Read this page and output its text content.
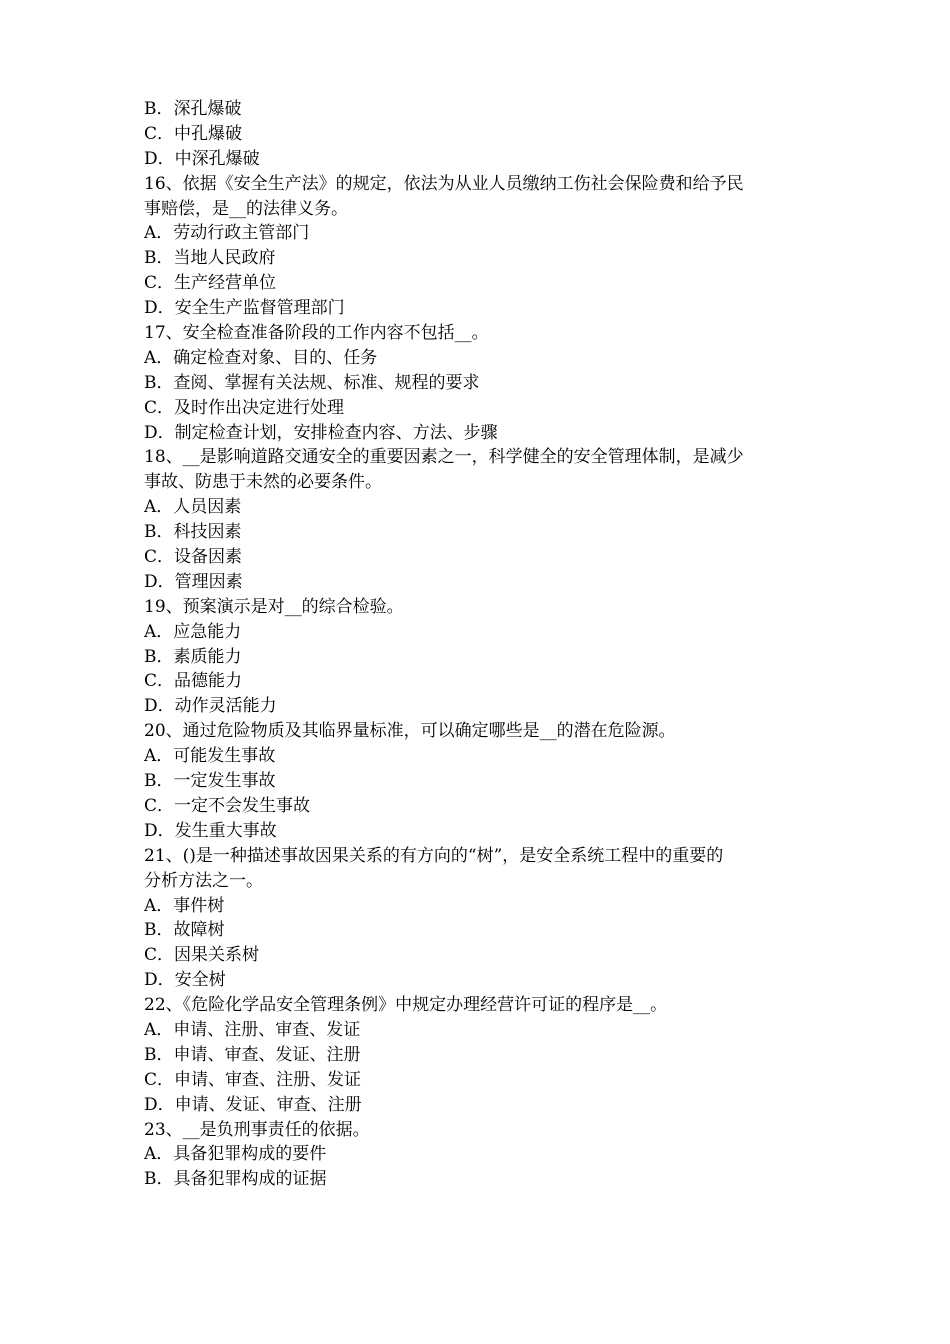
B．深孔爆破
C．中孔爆破
D．中深孔爆破
16、依据《安全生产法》的规定，依法为从业人员缴纳工伤社会保险费和给予民
事赔偿，是__的法律义务。
A．劳动行政主管部门
B．当地人民政府
C．生产经营单位
D．安全生产监督管理部门
17、安全检查准备阶段的工作内容不包括__。
A．确定检查对象、目的、任务
B．查阅、掌握有关法规、标准、规程的要求
C．及时作出决定进行处理
D．制定检查计划，安排检查内容、方法、步骤
18、__是影响道路交通安全的重要因素之一，科学健全的安全管理体制，是减少
事故、防患于未然的必要条件。
A．人员因素
B．科技因素
C．设备因素
D．管理因素
19、预案演示是对__的综合检验。
A．应急能力
B．素质能力
C．品德能力
D．动作灵活能力
20、通过危险物质及其临界量标准，可以确定哪些是__的潜在危险源。
A．可能发生事故
B．一定发生事故
C．一定不会发生事故
D．发生重大事故
21、()是一种描述事故因果关系的有方向的“树”，是安全系统工程中的重要的
分析方法之一。
A．事件树
B．故障树
C．因果关系树
D．安全树
22、《危险化学品安全管理条例》中规定办理经营许可证的程序是__。
A．申请、注册、审查、发证
B．申请、审查、发证、注册
C．申请、审查、注册、发证
D．申请、发证、审查、注册
23、__是负刑事责任的依据。
A．具备犯罪构成的要件
B．具备犯罪构成的证据
